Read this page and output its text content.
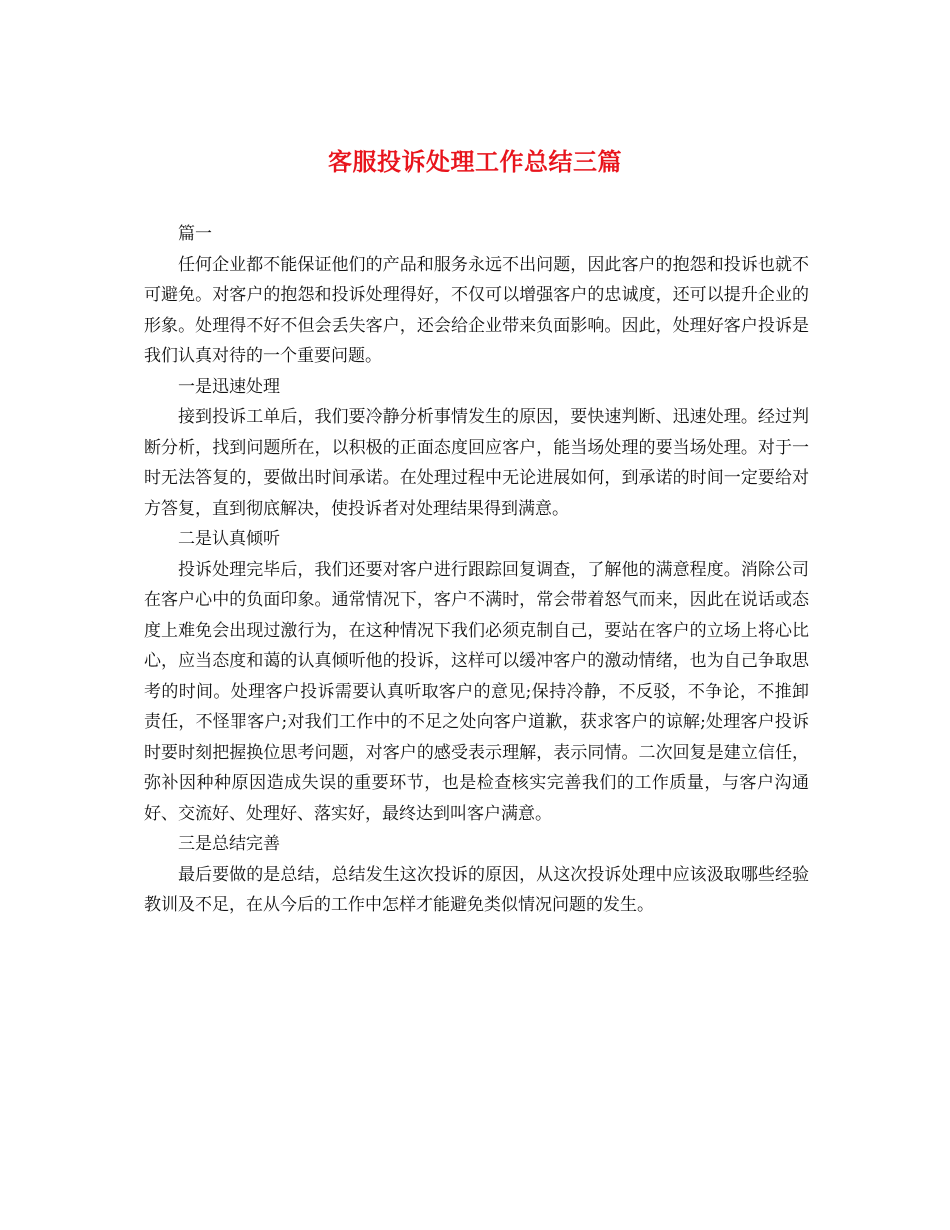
客服投诉处理工作总结三篇

篇一

任何企业都不能保证他们的产品和服务永远不出问题，因此客户的抱怨和投诉也就不可避免。对客户的抱怨和投诉处理得好，不仅可以增强客户的忠诚度，还可以提升企业的形象。处理得不好不但会丢失客户，还会给企业带来负面影响。因此，处理好客户投诉是我们认真对待的一个重要问题。

一是迅速处理

接到投诉工单后，我们要冷静分析事情发生的原因，要快速判断、迅速处理。经过判断分析，找到问题所在，以积极的正面态度回应客户，能当场处理的要当场处理。对于一时无法答复的，要做出时间承诺。在处理过程中无论进展如何，到承诺的时间一定要给对方答复，直到彻底解决，使投诉者对处理结果得到满意。

二是认真倾听

投诉处理完毕后，我们还要对客户进行跟踪回复调查，了解他的满意程度。消除公司在客户心中的负面印象。通常情况下，客户不满时，常会带着怒气而来，因此在说话或态度上难免会出现过激行为，在这种情况下我们必须克制自己，要站在客户的立场上将心比心，应当态度和蔼的认真倾听他的投诉，这样可以缓冲客户的激动情绪，也为自己争取思考的时间。处理客户投诉需要认真听取客户的意见;保持冷静，不反驳，不争论，不推卸责任，不怪罪客户;对我们工作中的不足之处向客户道歉，获求客户的谅解;处理客户投诉时要时刻把握换位思考问题，对客户的感受表示理解，表示同情。二次回复是建立信任，弥补因种种原因造成失误的重要环节，也是检查核实完善我们的工作质量，与客户沟通好、交流好、处理好、落实好，最终达到叫客户满意。

三是总结完善

最后要做的是总结，总结发生这次投诉的原因，从这次投诉处理中应该汲取哪些经验教训及不足，在从今后的工作中怎样才能避免类似情况问题的发生。
